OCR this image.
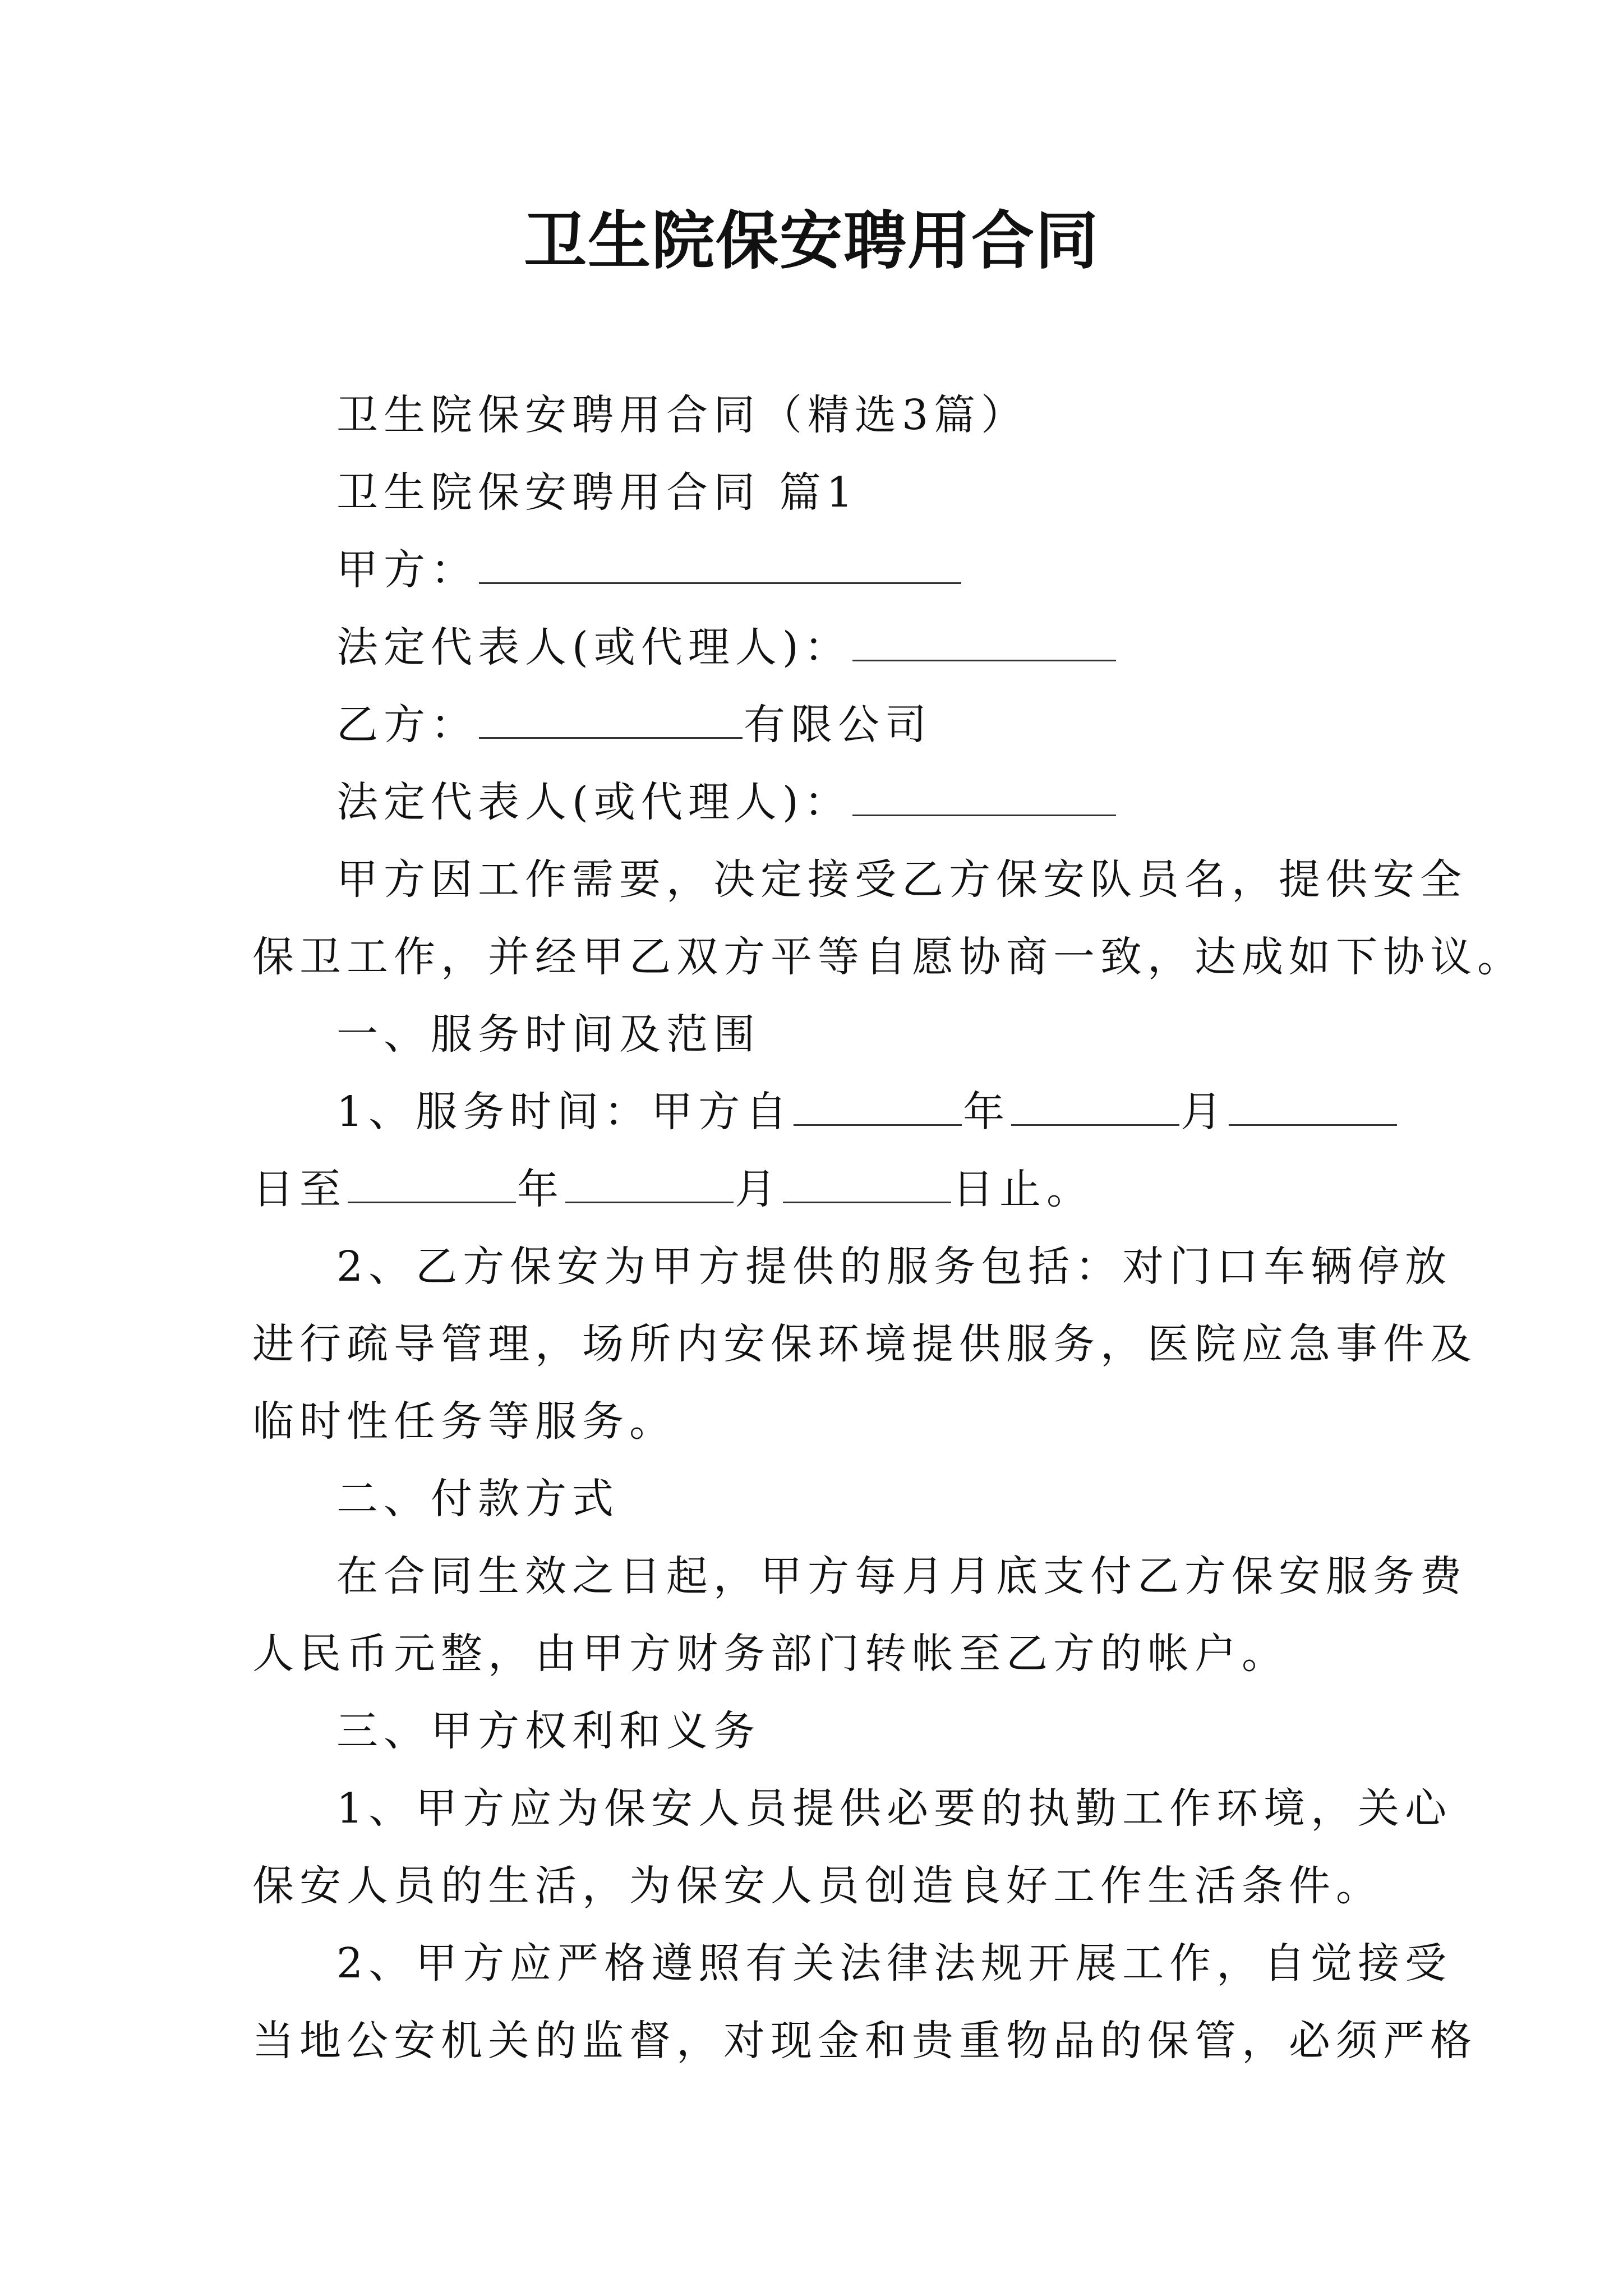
卫生院保安聘用合同
卫生院保安聘用合同（精选3篇）
卫生院保安聘用合同 篇1
甲方：
法定代表人(或代理人)：
乙方：	有限公司
法定代表人(或代理人)：
甲方因工作需要，决定接受乙方保安队员名，提供安全
保卫工作，并经甲乙双方平等自愿协商一致，达成如下协议。
一、服务时间及范围
1、服务时间：甲方自	年	月
日至	年	月	日止。
2、乙方保安为甲方提供的服务包括：对门口车辆停放
进行疏导管理，场所内安保环境提供服务，医院应急事件及
临时性任务等服务。
二、付款方式
在合同生效之日起，甲方每月月底支付乙方保安服务费
人民币元整，由甲方财务部门转帐至乙方的帐户。
三、甲方权利和义务
1、甲方应为保安人员提供必要的执勤工作环境，关心
保安人员的生活，为保安人员创造良好工作生活条件。
2、甲方应严格遵照有关法律法规开展工作，自觉接受
当地公安机关的监督，对现金和贵重物品的保管，必须严格
